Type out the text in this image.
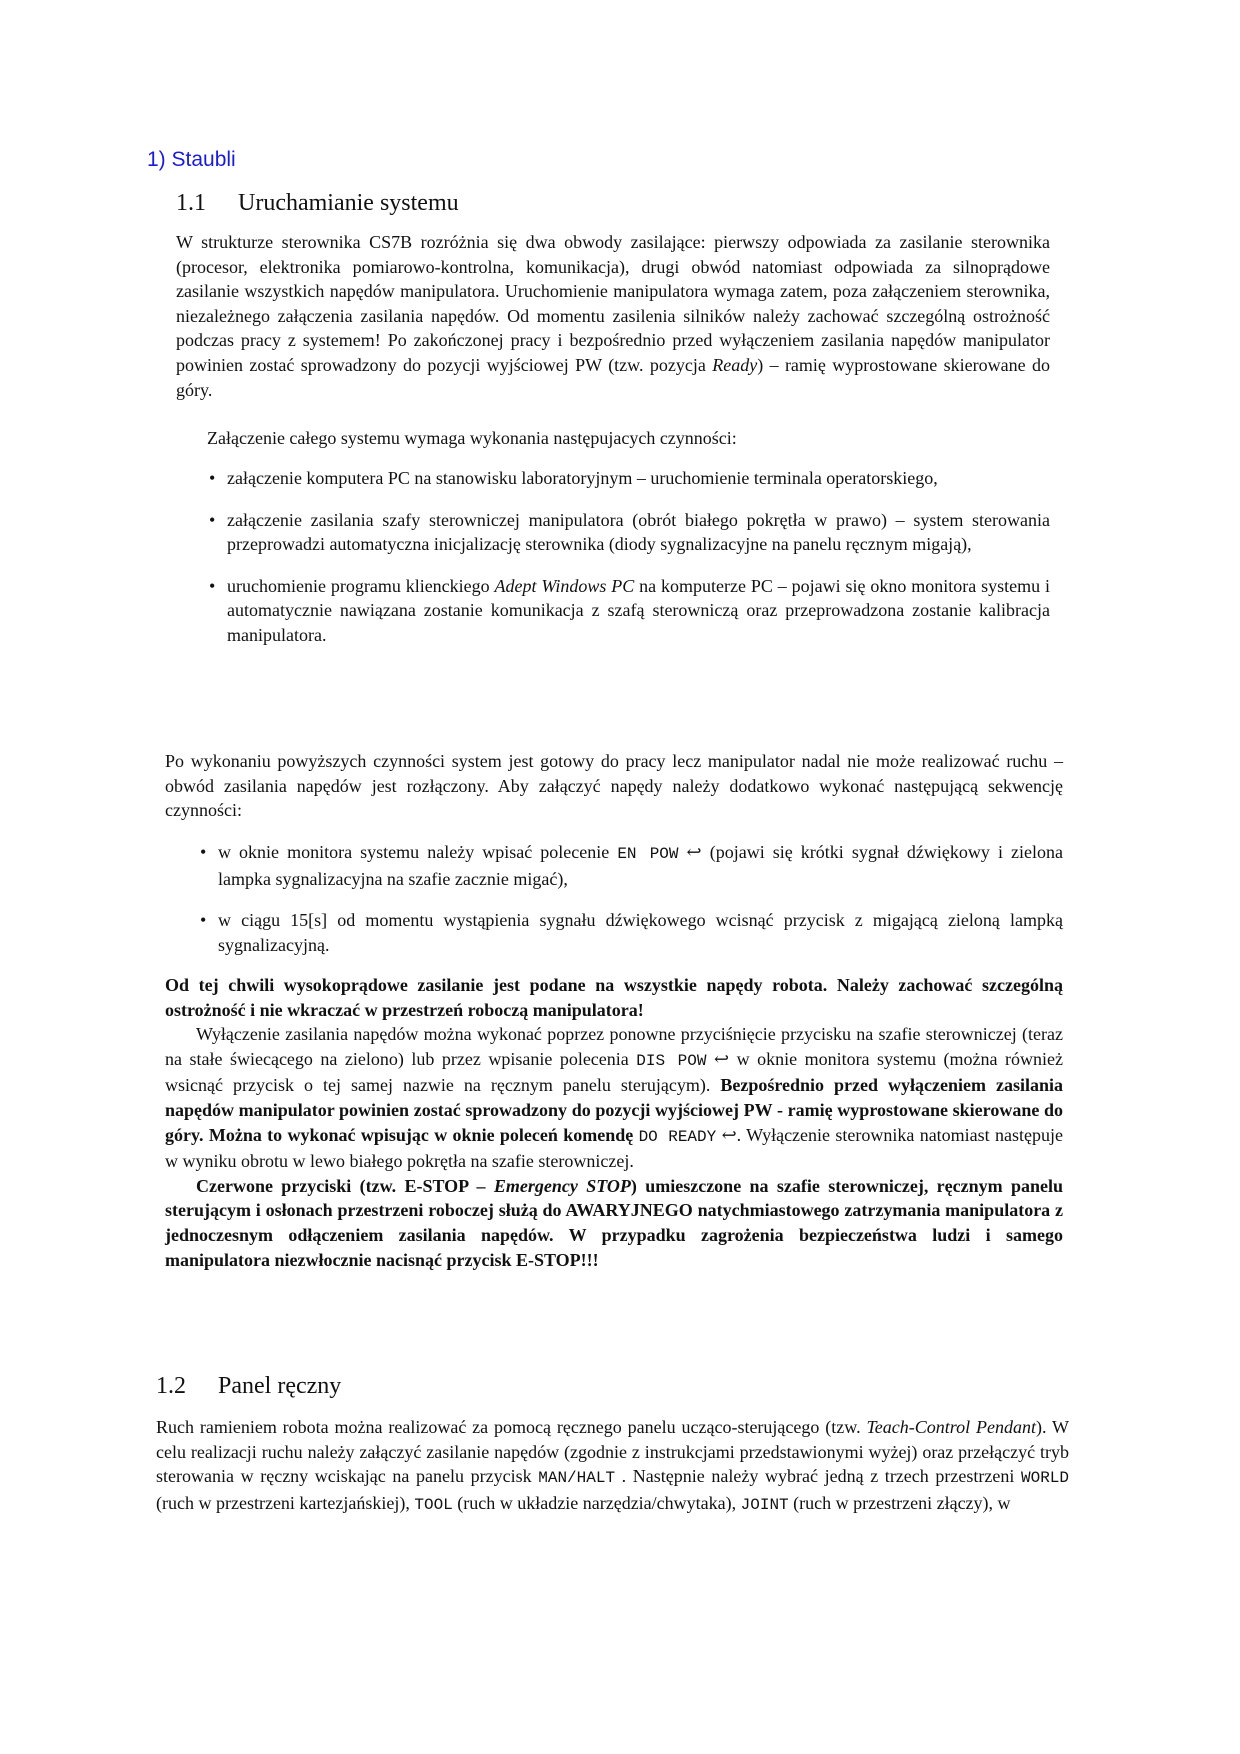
1) Staubli
1.1 Uruchamianie systemu
W strukturze sterownika CS7B rozróżnia się dwa obwody zasilające: pierwszy odpowiada za zasilanie sterownika (procesor, elektronika pomiarowo-kontrolna, komunikacja), drugi obwód natomiast odpowiada za silnoprądowe zasilanie wszystkich napędów manipulatora. Uruchomienie manipulatora wymaga zatem, poza załączeniem sterownika, niezależnego załączenia zasilania napędów. Od momentu zasilenia silników należy zachować szczególną ostrożność podczas pracy z systemem! Po zakończonej pracy i bezpośrednio przed wyłączeniem zasilania napędów manipulator powinien zostać sprowadzony do pozycji wyjściowej PW (tzw. pozycja Ready) – ramię wyprostowane skierowane do góry.
Załączenie całego systemu wymaga wykonania następujacych czynności:
• załączenie komputera PC na stanowisku laboratoryjnym – uruchomienie terminala operatorskiego,
• załączenie zasilania szafy sterowniczej manipulatora (obrót białego pokrętła w prawo) – system sterowania przeprowadzi automatyczna inicjalizację sterownika (diody sygnalizacyjne na panelu ręcznym migają),
• uruchomienie programu klienckiego Adept Windows PC na komputerze PC – pojawi się okno monitora systemu i automatycznie nawiązana zostanie komunikacja z szafą sterowniczą oraz przeprowadzona zostanie kalibracja manipulatora.
Po wykonaniu powyższych czynności system jest gotowy do pracy lecz manipulator nadal nie może realizować ruchu – obwód zasilania napędów jest rozłączony. Aby załączyć napędy należy dodatkowo wykonać następującą sekwencję czynności:
• w oknie monitora systemu należy wpisać polecenie EN POW ↩ (pojawi się krótki sygnał dźwiękowy i zielona lampka sygnalizacyjna na szafie zacznie migać),
• w ciągu 15[s] od momentu wystąpienia sygnału dźwiękowego wcisnąć przycisk z migającą zieloną lampką sygnalizacyjną.
Od tej chwili wysokoprądowe zasilanie jest podane na wszystkie napędy robota. Należy zachować szczególną ostrożność i nie wkraczać w przestrzeń roboczą manipulatora!
Wyłączenie zasilania napędów można wykonać poprzez ponowne przyciśnięcie przycisku na szafie sterowniczej (teraz na stałe świecącego na zielono) lub przez wpisanie polecenia DIS POW ↩ w oknie monitora systemu (można również wsicnąć przycisk o tej samej nazwie na ręcznym panelu sterującym). Bezpośrednio przed wyłączeniem zasilania napędów manipulator powinien zostać sprowadzony do pozycji wyjściowej PW - ramię wyprostowane skierowane do góry. Można to wykonać wpisując w oknie poleceń komendę DO READY ↩. Wyłączenie sterownika natomiast następuje w wyniku obrotu w lewo białego pokrętła na szafie sterowniczej.
Czerwone przyciski (tzw. E-STOP – Emergency STOP) umieszczone na szafie sterowniczej, ręcznym panelu sterującym i osłonach przestrzeni roboczej służą do AWARYJNEGO natychmiastowego zatrzymania manipulatora z jednoczesnym odłączeniem zasilania napędów. W przypadku zagrożenia bezpieczeństwa ludzi i samego manipulatora niezwłocznie nacisnąć przycisk E-STOP!!!
1.2 Panel ręczny
Ruch ramieniem robota można realizować za pomocą ręcznego panelu ucząco-sterującego (tzw. Teach-Control Pendant). W celu realizacji ruchu należy załączyć zasilanie napędów (zgodnie z instrukcjami przedstawionymi wyżej) oraz przełączyć tryb sterowania w ręczny wciskając na panelu przycisk MAN/HALT . Następnie należy wybrać jedną z trzech przestrzeni WORLD (ruch w przestrzeni kartezjańskiej), TOOL (ruch w układzie narzędzia/chwytaka), JOINT (ruch w przestrzeni złączy), w
